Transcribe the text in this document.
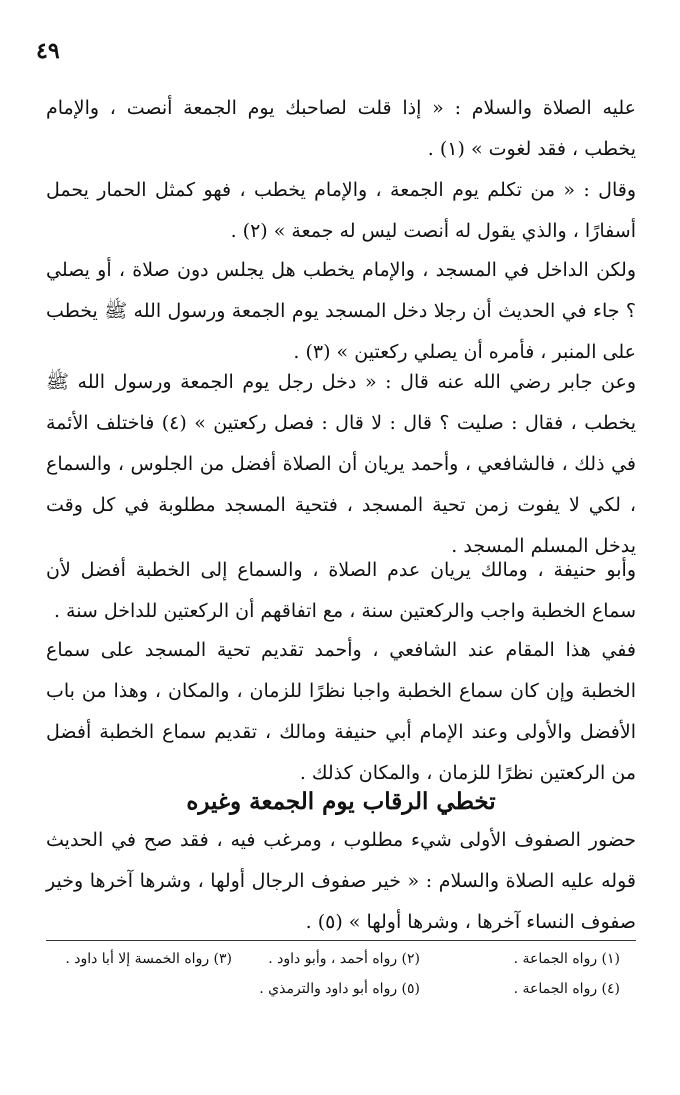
٤٩

عليه الصلاة والسلام : « إذا قلت لصاحبك يوم الجمعة أنصت ، والإمام يخطب ، فقد لغوت » (١) .

وقال : « من تكلم يوم الجمعة ، والإمام يخطب ، فهو كمثل الحمار يحمل أسفارًا ، والذي يقول له أنصت ليس له جمعة » (٢) .

ولكن الداخل في المسجد ، والإمام يخطب هل يجلس دون صلاة ، أو يصلي ؟ جاء في الحديث أن رجلا دخل المسجد يوم الجمعة ورسول الله ﷺ يخطب على المنبر ، فأمره أن يصلي ركعتين » (٣) .

وعن جابر رضي الله عنه قال : « دخل رجل يوم الجمعة ورسول الله ﷺ يخطب ، فقال : صليت ؟ قال : لا قال : فصل ركعتين » (٤) فاختلف الأئمة في ذلك ، فالشافعي ، وأحمد يريان أن الصلاة أفضل من الجلوس ، والسماع ، لكي لا يفوت زمن تحية المسجد ، فتحية المسجد مطلوبة في كل وقت يدخل المسلم المسجد .

وأبو حنيفة ، ومالك يريان عدم الصلاة ، والسماع إلى الخطبة أفضل لأن سماع الخطبة واجب والركعتين سنة ، مع اتفاقهم أن الركعتين للداخل سنة .

ففي هذا المقام عند الشافعي ، وأحمد تقديم تحية المسجد على سماع الخطبة وإن كان سماع الخطبة واجبا نظرًا للزمان ، والمكان ، وهذا من باب الأفضل والأولى وعند الإمام أبي حنيفة ومالك ، تقديم سماع الخطبة أفضل من الركعتين نظرًا للزمان ، والمكان كذلك .

تخطي الرقاب يوم الجمعة وغيره

حضور الصفوف الأولى شيء مطلوب ، ومرغب فيه ، فقد صح في الحديث قوله عليه الصلاة والسلام : « خير صفوف الرجال أولها ، وشرها آخرها وخير صفوف النساء آخرها ، وشرها أولها » (٥) .

(١) رواه الجماعة .
(٢) رواه أحمد ، وأبو داود .
(٣) رواه الخمسة إلا أبا داود .
(٤) رواه الجماعة .
(٥) رواه أبو داود والترمذي .
